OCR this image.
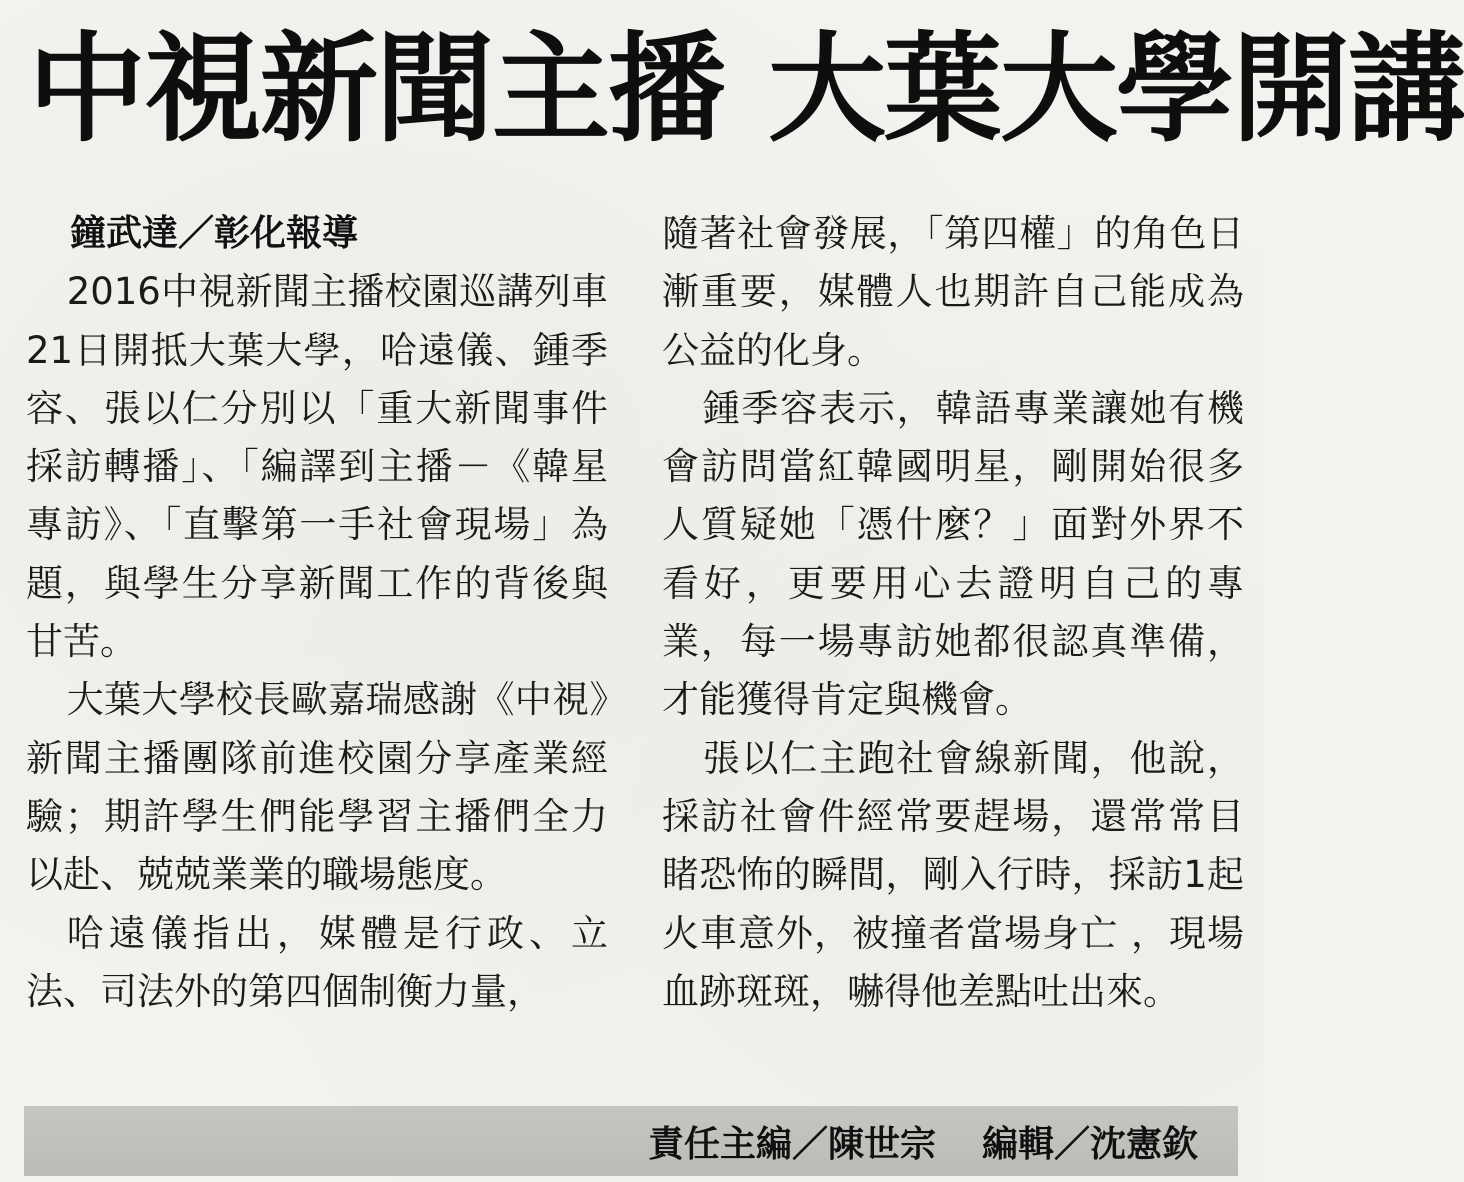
中視新聞主播 大葉大學開講
鐘武達／彰化報導

2016中視新聞主播校園巡講列車21日開抵大葉大學，哈遠儀、鍾季容、張以仁分別以「重大新聞事件採訪轉播」、「編譯到主播－《韓星專訪》、「直擊第一手社會現場」為題，與學生分享新聞工作的背後與甘苦。

大葉大學校長歐嘉瑞感謝《中視》新聞主播團隊前進校園分享產業經驗；期許學生們能學習主播們全力以赴、兢兢業業的職場態度。

哈遠儀指出，媒體是行政、立法、司法外的第四個制衡力量，

隨著社會發展，「第四權」的角色日漸重要，媒體人也期許自己能成為公益的化身。

鍾季容表示，韓語專業讓她有機會訪問當紅韓國明星，剛開始很多人質疑她「憑什麼？」面對外界不看好，更要用心去證明自己的專業，每一場專訪她都很認真準備，才能獲得肯定與機會。

張以仁主跑社會線新聞，他說，採訪社會件經常要趕場，還常常目睹恐怖的瞬間，剛入行時，採訪1起火車意外，被撞者當場身亡 ，現場血跡斑斑，嚇得他差點吐出來。

責任主編／陳世宗 編輯／沈憲欽
